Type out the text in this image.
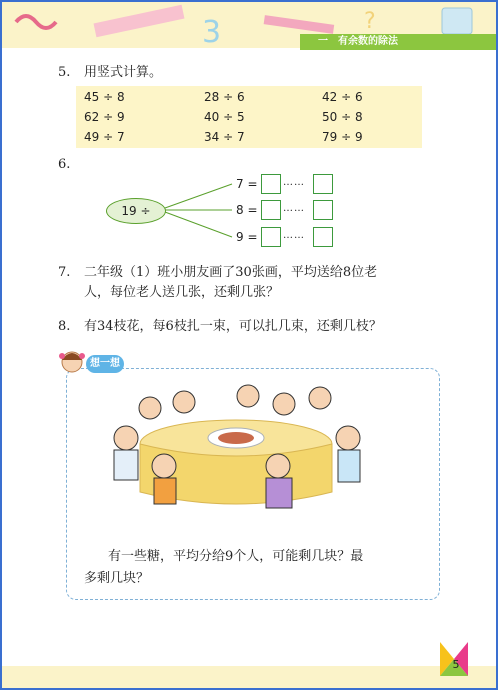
3	?
一　有余数的除法
5. 用竖式计算。
45 ÷ 8	28 ÷ 6	42 ÷ 6
62 ÷ 9	40 ÷ 5	50 ÷ 8
49 ÷ 7	34 ÷ 7	79 ÷ 9
6.
19 ÷
7 =	……
8 =	……
9 =	……
7. 二年级（1）班小朋友画了30张画，平均送给8位老
人，每位老人送几张，还剩几张？
8. 有34枝花，每6枝扎一束，可以扎几束，还剩几枝？
想一想
有一些糖，平均分给9个人，可能剩几块？最
多剩几块？
5
